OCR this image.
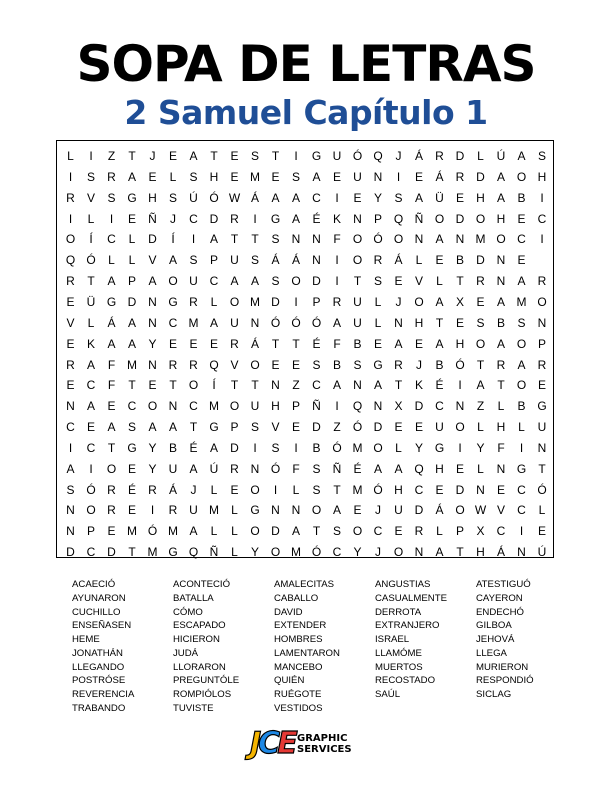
SOPA DE LETRAS
2 Samuel Capítulo 1
L	I	Z	T	J	E	A	T	E	S	T	I	G U Ó Q	J	Á	R D	L	Ú	A	S
I	S	R	A	E	L	S	H	E M E	S	A	E	U N	I	E	Á	R D	A O H
R	V	S G H	S	Ú Ó W Á	A	A	C	I	E	Y	S	A	Ü	E	H	A	B	I
I	L	I	E	Ñ	J	C D R	I	G A	É	K	N	P Q Ñ O D O H	E	C
O	Í	C	L	D	Í	I	A	T	T	S	N N	F	O Ó O N	A	N M O C	I
Q Ó	L	L	V	A	S	P	U	S	Á	Á	N	I	O R	Á	L	E	B	D N	E
R	T	A	P	A O U C	A	A	S O D	I	T	S	E	V	L	T	R N	A	R
E	Ü G D N G R	L	O M D	I	P	R U	L	J	O A	X	E	A M O
V	L	Á	A	N C M A	U N Ó Ó Ó A	U	L	N H	T	E	S	B	S	N
E	K	A	A	Y	E	E	E	R	Á	T	T	É	F	B	E	A	E	A	H O A O P
R	A	F M N R R Q V O E	E	S	B	S G R	J	B Ó	T	R	A	R
E	C	F	T	E	T	O	Í	T	T	N	Z	C	A	N	A	T	K	É	I	A	T	O E
N	A	E	C O N C M O U H	P	Ñ	I	Q N	X	D C N	Z	L	B G
C	E	A	S	A	A	T	G P	S	V	E	D	Z	Ó D	E	E	U O	L	H	L	U
I	C	T	G Y	B	É	A	D	I	S	I	B Ó M O	L	Y G	I	Y	F	I	N
A	I	O E	Y	U	A	Ú R N Ó	F	S	Ñ	É	A	A Q H	E	L	N G	T
S Ó R	É	R	Á	J	L	E O	I	L	S	T M Ó H C	E	D N	E	C Ó
N O R	E	I	R U M	L	G N N O A	E	J	U D	Á O W V	C	L
N	P	E M Ó M A	L	L	O D	A	T	S O C	E	R	L	P	X	C	I	E
D C D	T M G Q Ñ	L	Y O M Ó C	Y	J	O N	A	T	H	Á	N Ú
ACAECIÓ
AYUNARON
CUCHILLO
ENSEÑASEN
HEME
JONATHÁN
LLEGANDO
POSTRÓSE
REVERENCIA
TRABANDO
ACONTECIÓ
BATALLA
CÓMO
ESCAPADO
HICIERON
JUDÁ
LLORARON
PREGUNTÓLE
ROMPIÓLOS
TUVISTE
AMALECITAS
CABALLO
DAVID
EXTENDER
HOMBRES
LAMENTARON
MANCEBO
QUIÉN
RUÉGOTE
VESTIDOS
ANGUSTIAS
CASUALMENTE
DERROTA
EXTRANJERO
ISRAEL
LLAMÓME
MUERTOS
RECOSTADO
SAÚL
ATESTIGUÓ
CAYERON
ENDECHÓ
GILBOA
JEHOVÁ
LLEGA
MURIERON
RESPONDIÓ
SICLAG
JCE GRAPHIC
SERVICES
